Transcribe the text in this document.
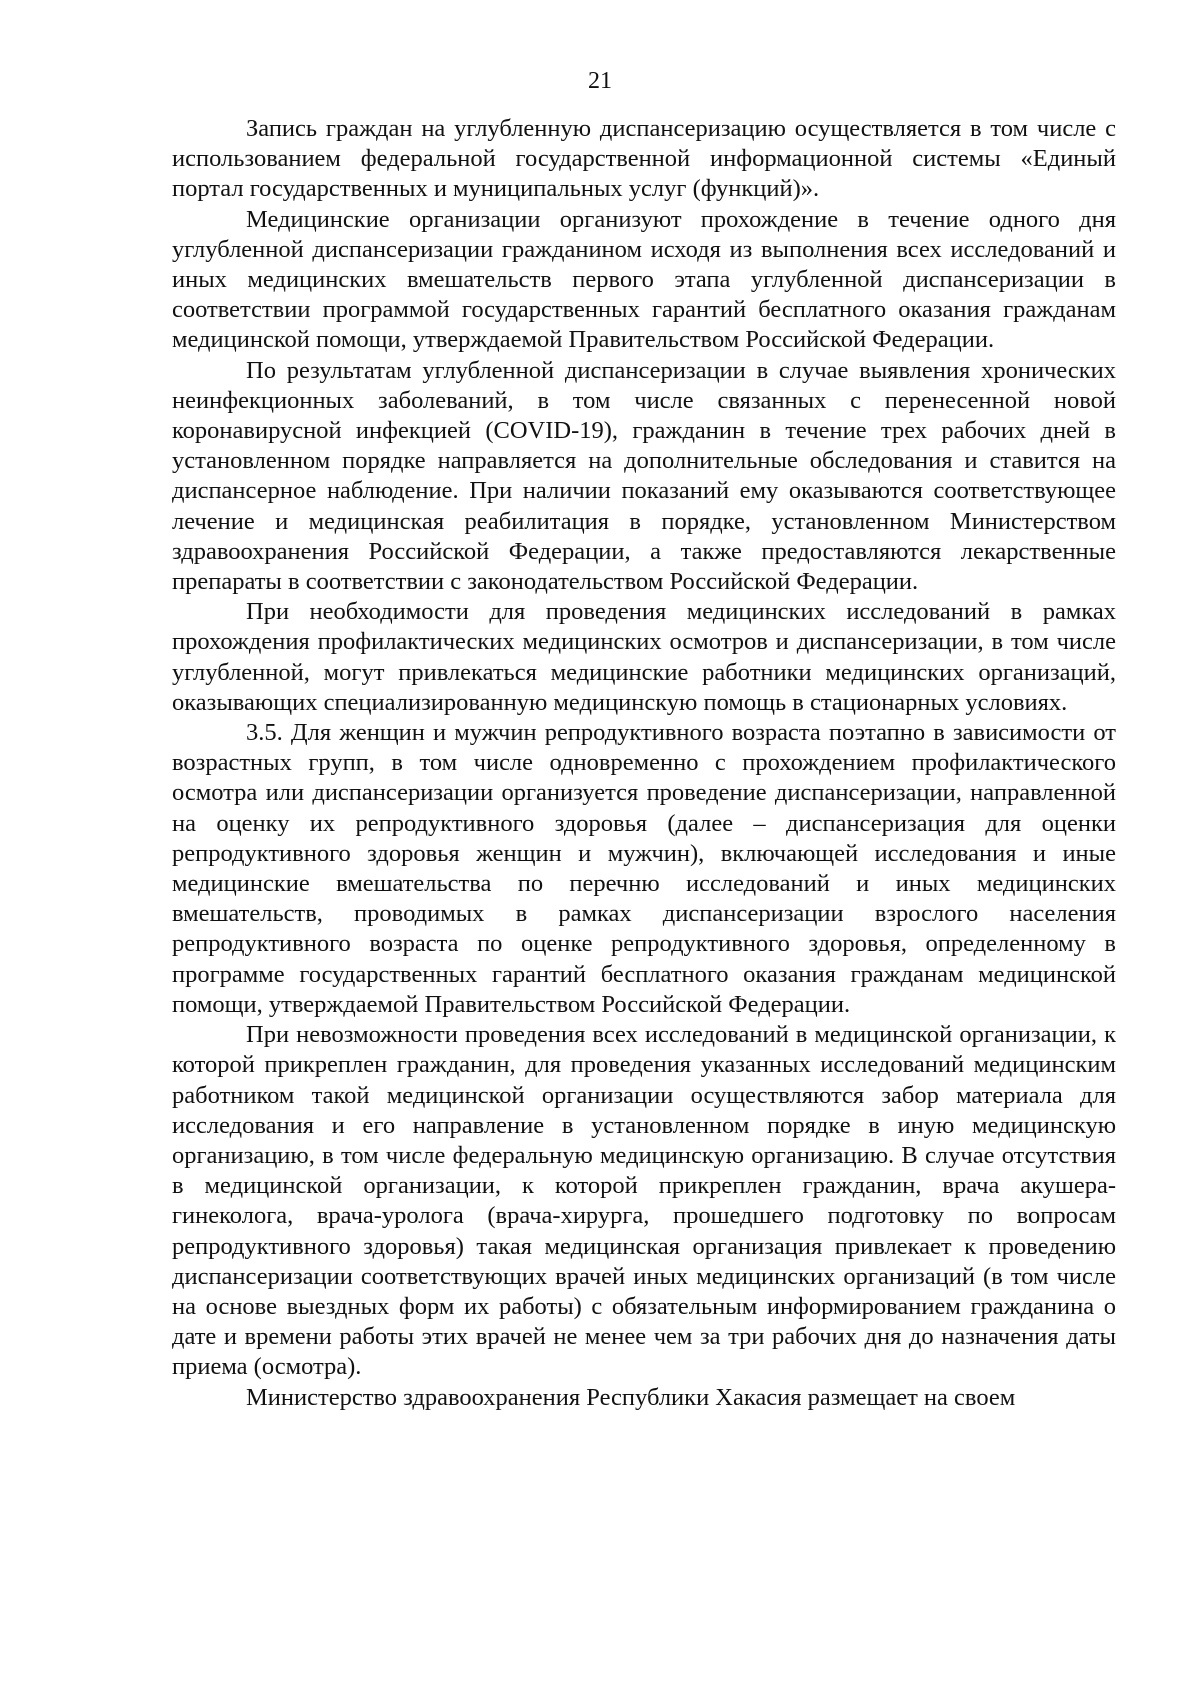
21

Запись граждан на углубленную диспансеризацию осуществляется в том числе с использованием федеральной государственной информационной системы «Единый портал государственных и муниципальных услуг (функций)».

Медицинские организации организуют прохождение в течение одного дня углубленной диспансеризации гражданином исходя из выполнения всех исследований и иных медицинских вмешательств первого этапа углубленной диспансеризации в соответствии программой государственных гарантий бесплатного оказания гражданам медицинской помощи, утверждаемой Правительством Российской Федерации.

По результатам углубленной диспансеризации в случае выявления хронических неинфекционных заболеваний, в том числе связанных с перенесенной новой коронавирусной инфекцией (COVID-19), гражданин в течение трех рабочих дней в установленном порядке направляется на дополнительные обследования и ставится на диспансерное наблюдение. При наличии показаний ему оказываются соответствующее лечение и медицинская реабилитация в порядке, установленном Министерством здравоохранения Российской Федерации, а также предоставляются лекарственные препараты в соответствии с законодательством Российской Федерации.

При необходимости для проведения медицинских исследований в рамках прохождения профилактических медицинских осмотров и диспансеризации, в том числе углубленной, могут привлекаться медицинские работники медицинских организаций, оказывающих специализированную медицинскую помощь в стационарных условиях.

3.5. Для женщин и мужчин репродуктивного возраста поэтапно в зависимости от возрастных групп, в том числе одновременно с прохождением профилактического осмотра или диспансеризации организуется проведение диспансеризации, направленной на оценку их репродуктивного здоровья (далее – диспансеризация для оценки репродуктивного здоровья женщин и мужчин), включающей исследования и иные медицинские вмешательства по перечню исследований и иных медицинских вмешательств, проводимых в рамках диспансеризации взрослого населения репродуктивного возраста по оценке репродуктивного здоровья, определенному в программе государственных гарантий бесплатного оказания гражданам медицинской помощи, утверждаемой Правительством Российской Федерации.

При невозможности проведения всех исследований в медицинской организации, к которой прикреплен гражданин, для проведения указанных исследований медицинским работником такой медицинской организации осуществляются забор материала для исследования и его направление в установленном порядке в иную медицинскую организацию, в том числе федеральную медицинскую организацию. В случае отсутствия в медицинской организации, к которой прикреплен гражданин, врача акушера-гинеколога, врача-уролога (врача-хирурга, прошедшего подготовку по вопросам репродуктивного здоровья) такая медицинская организация привлекает к проведению диспансеризации соответствующих врачей иных медицинских организаций (в том числе на основе выездных форм их работы) с обязательным информированием гражданина о дате и времени работы этих врачей не менее чем за три рабочих дня до назначения даты приема (осмотра).

Министерство здравоохранения Республики Хакасия размещает на своем
